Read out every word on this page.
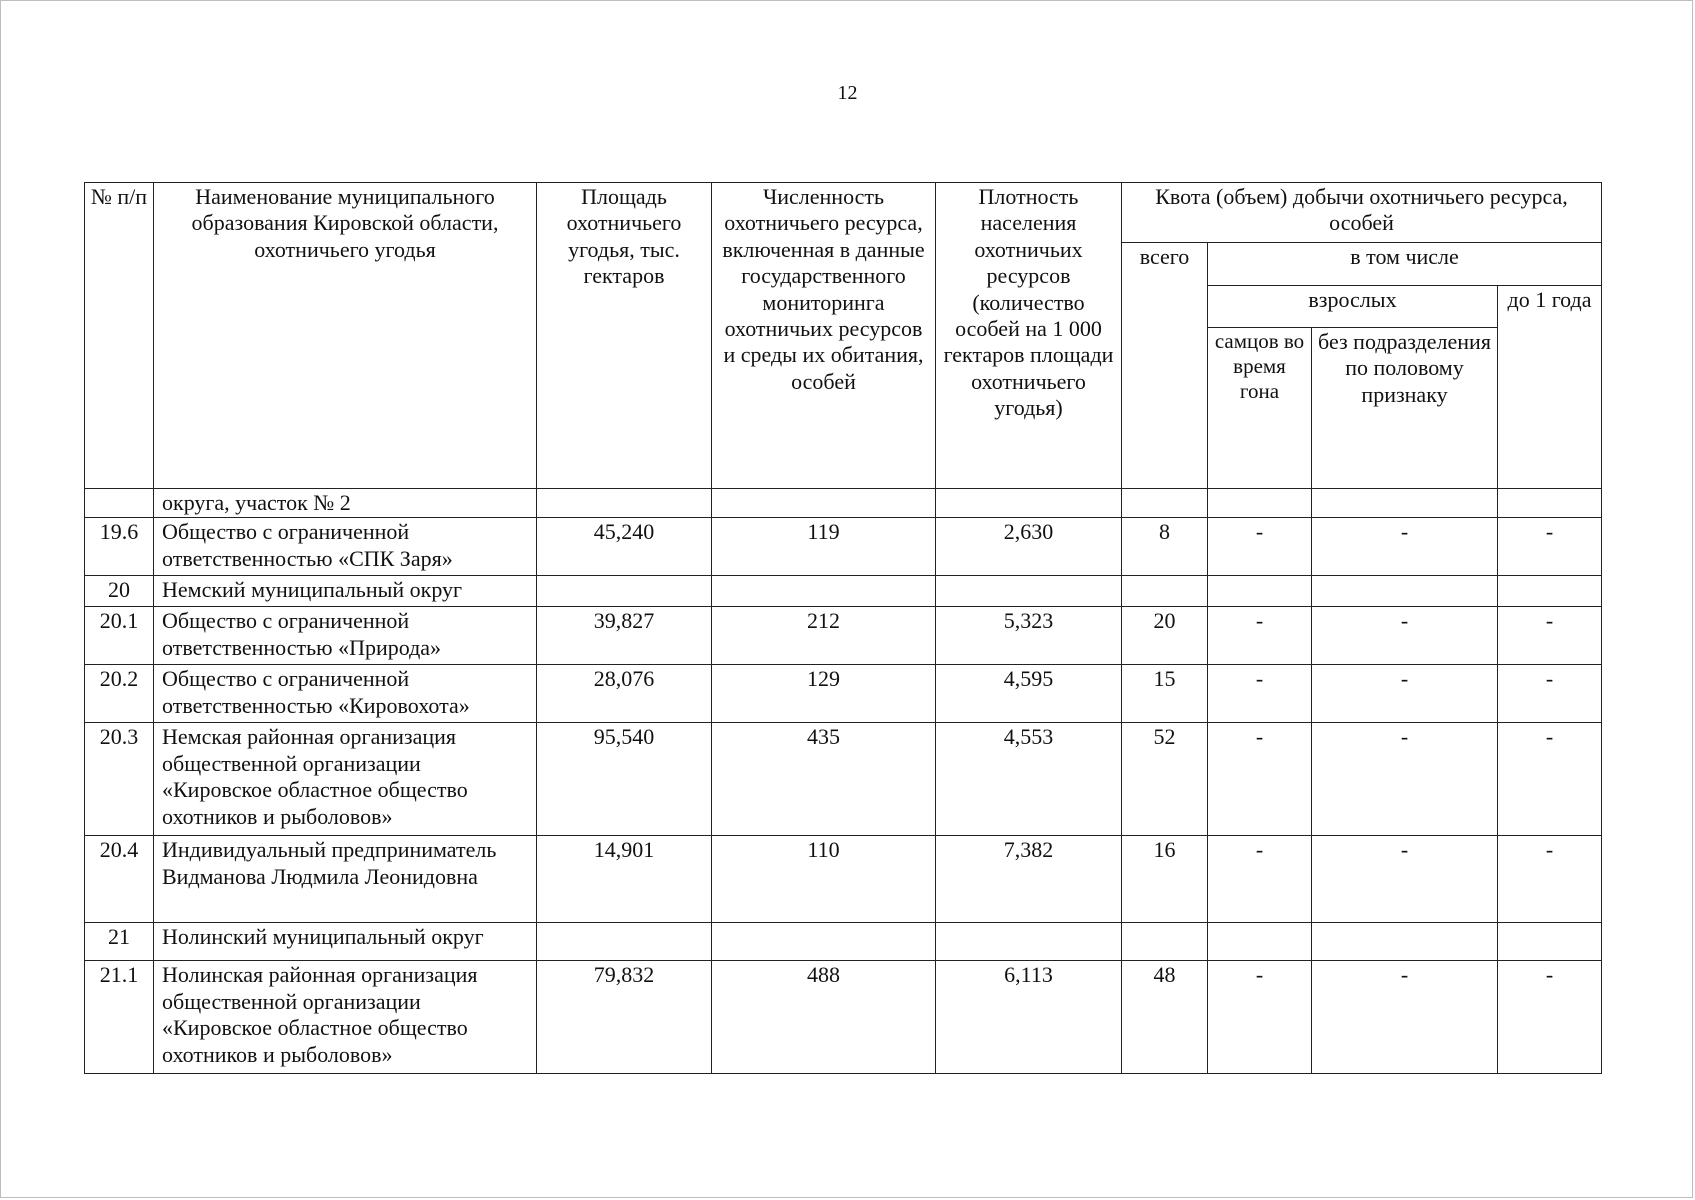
12
№ п/п	Наименование муниципального образования Кировской области, охотничьего угодья	Площадь охотничьего угодья, тыс. гектаров	Численность охотничьего ресурса, включенная в данные государственного мониторинга охотничьих ресурсов и среды их обитания, особей	Плотность населения охотничьих ресурсов (количество особей на 1 000 гектаров площади охотничьего угодья)	Квота (объем) добычи охотничьего ресурса, особей			
					всего	в том числе		
						взрослых		до 1 года
						самцов во время гона	без подразделения по половому признаку	
	округа, участок № 2							
19.6	Общество с ограниченной ответственностью «СПК Заря»	45,240	119	2,630	8	-	-	-
20	Немский муниципальный округ							
20.1	Общество с ограниченной ответственностью «Природа»	39,827	212	5,323	20	-	-	-
20.2	Общество с ограниченной ответственностью «Кировохота»	28,076	129	4,595	15	-	-	-
20.3	Немская районная организация общественной организации «Кировское областное общество охотников и рыболовов»	95,540	435	4,553	52	-	-	-
20.4	Индивидуальный предприниматель Видманова Людмила Леонидовна	14,901	110	7,382	16	-	-	-
21	Нолинский муниципальный округ							
21.1	Нолинская районная организация общественной организации «Кировское областное общество охотников и рыболовов»	79,832	488	6,113	48	-	-	-
